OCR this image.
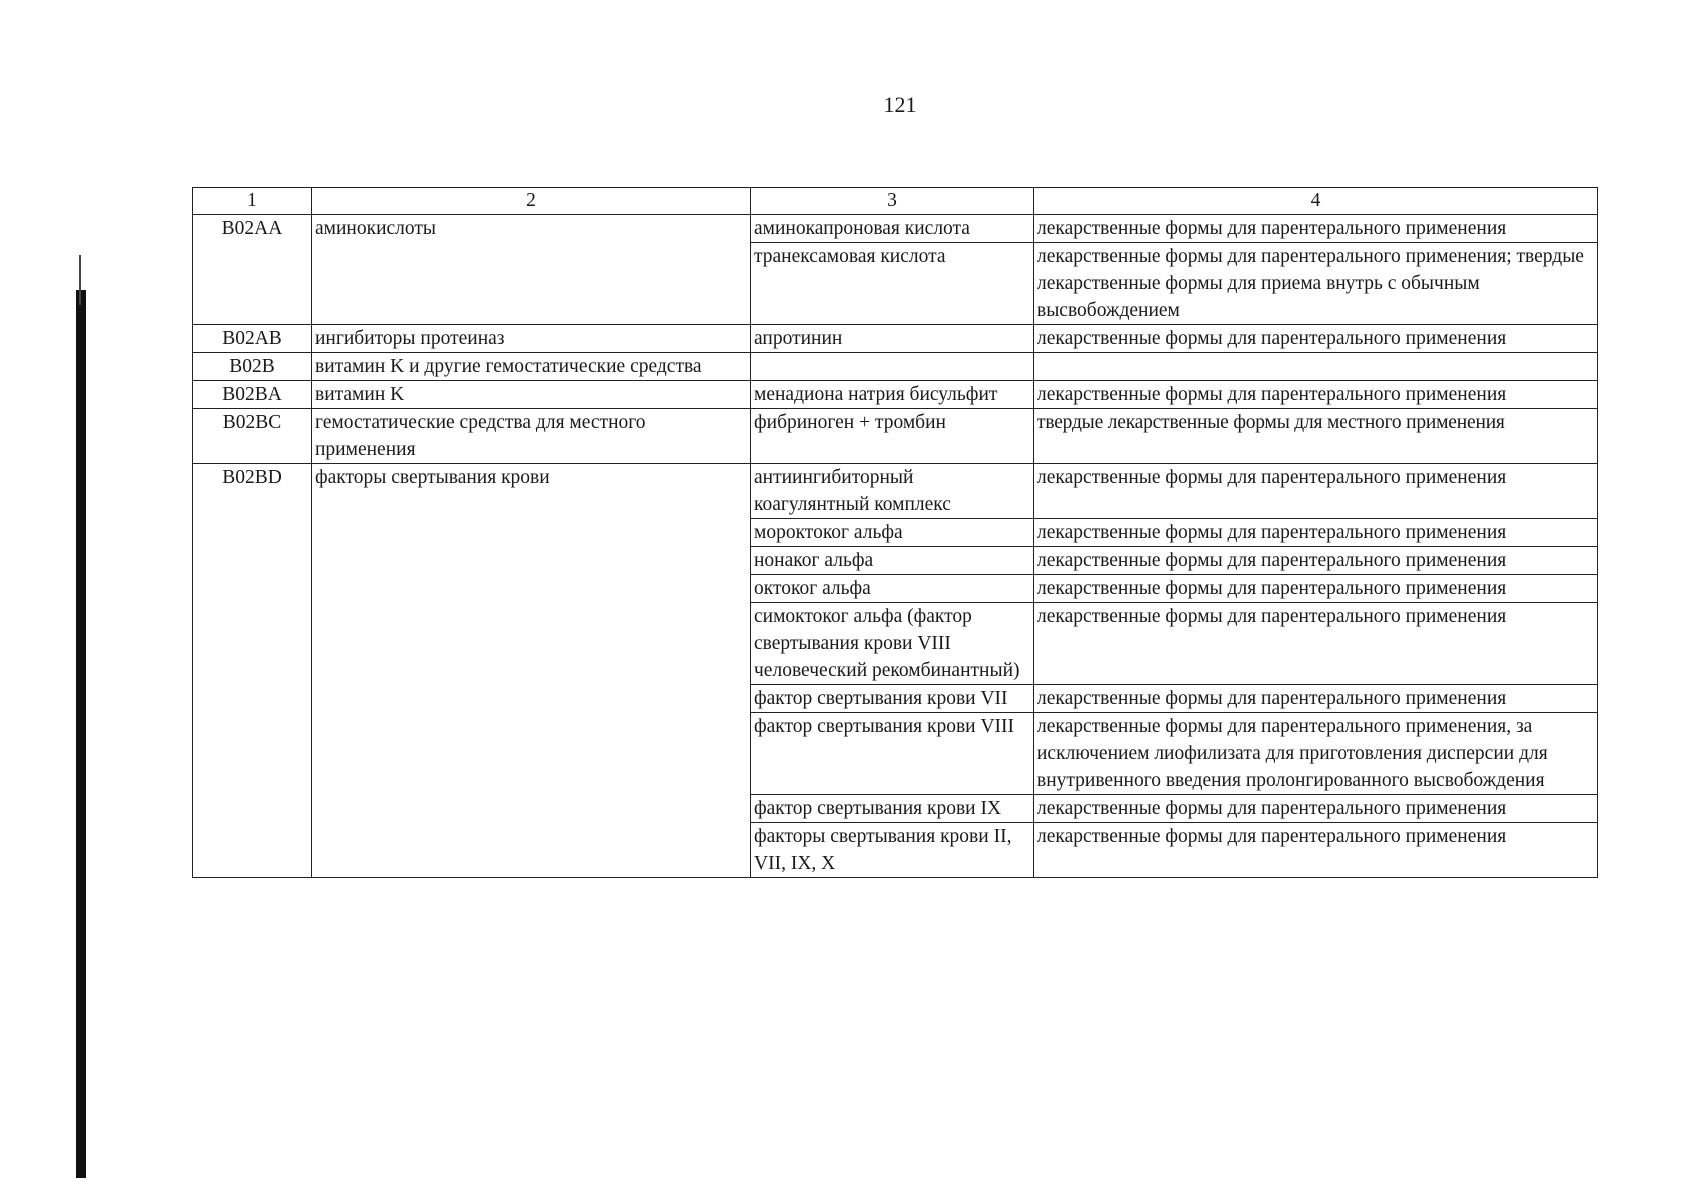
121
1	2	3	4
B02AA	аминокислоты	аминокапроновая кислота	лекарственные формы для парентерального применения
		транексамовая кислота	лекарственные формы для парентерального применения; твердые лекарственные формы для приема внутрь с обычным высвобождением
B02AB	ингибиторы протеиназ	апротинин	лекарственные формы для парентерального применения
B02B	витамин K и другие гемостатические средства		
B02BA	витамин K	менадиона натрия бисульфит	лекарственные формы для парентерального применения
B02BC	гемостатические средства для местного применения	фибриноген + тромбин	твердые лекарственные формы для местного применения
B02BD	факторы свертывания крови	антиингибиторный коагулянтный комплекс	лекарственные формы для парентерального применения
		мороктоког альфа	лекарственные формы для парентерального применения
		нонаког альфа	лекарственные формы для парентерального применения
		октоког альфа	лекарственные формы для парентерального применения
		симоктоког альфа (фактор свертывания крови VIII человеческий рекомбинантный)	лекарственные формы для парентерального применения
		фактор свертывания крови VII	лекарственные формы для парентерального применения
		фактор свертывания крови VIII	лекарственные формы для парентерального применения, за исключением лиофилизата для приготовления дисперсии для внутривенного введения пролонгированного высвобождения
		фактор свертывания крови IX	лекарственные формы для парентерального применения
		факторы свертывания крови II, VII, IX, X	лекарственные формы для парентерального применения
